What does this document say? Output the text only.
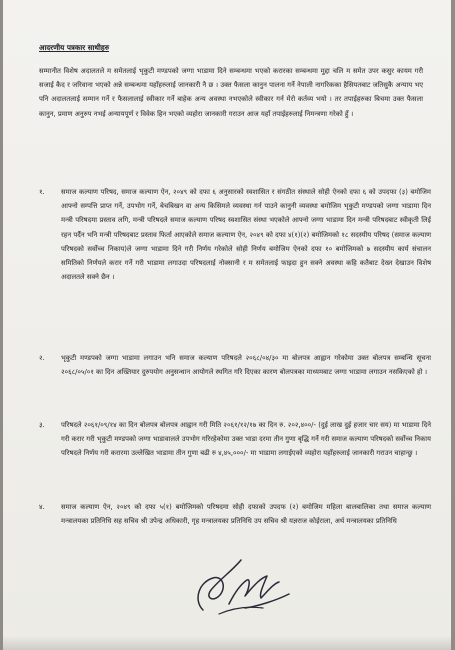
आदरणीय पत्रकार साथीहरु
सम्मानीत विशेष अदालतले म समेतलाई भृकुटी मण्डपको जग्गा भाडामा दिने सम्बन्धमा भएको करारका सम्बन्धमा मुद्दा चलि म समेत उपर कसुर कायम गरी सजाई कैद र जरिवाना भएको अन्ने सम्बन्धमा यहाँहरुलाई जानकारी नै छ । उक्त फैसला कानुन पालना गर्ने नेपाली नागरिकका हैसियतबाट जतिसुकै अन्याय भए पनि अदालतलाई सम्मान गर्ने र फैसलालाई स्वीकार गर्ने बाहेक अन्य अवस्था नभएकोले स्वीकार गर्न मेरो कर्तव्य भयो । तर तपाईहरुका बिचमा उक्त फैसला कानुन, प्रमाण अनुरुप नभई अन्यायपूर्ण र विवेक हिन भएको व्यहोरा जानकारी गराउन आज यहाँ तपाईहरुलाई निमन्त्रणा गरेको हुँ ।
१.	समाज कल्याण परिषद, समाज कल्याण ऐन, २०४९ को दफा ६ अनुसारको स्वशासित र संगठीत संस्थाले सोही ऐनको दफा ६ को उपदफा (३) बमोजिम आफ्नो सम्पत्ति प्राप्त गर्ने, उपभोग गर्ने, बेचबिखन वा अन्य किसिमले व्यवस्था गर्न पाउने कानुनी व्यवस्था बमोजिम भृकुटी मण्डपको जग्गा भाडामा दिन मन्त्री परिषदमा प्रस्ताव लगि, मन्त्री परिषदले समाज कल्याण परिषद स्वशासित संस्था भएकोले आफ्नो जग्गा भाडामा दिन मन्त्री परिषदबाट स्वीकृती लिई रहन पर्दैन भनि मन्त्री परिषदबाट प्रस्ताव फिर्ता आएकोले समाज कल्याण ऐन, २०४९ को दफा ४(१)(२) बमोजिमको १८ सदस्यीय परिषद (समाज कल्याण परिषदको सर्वोच्च निकाय)ले जग्गा भाडामा दिने गरी निर्णय गरेकोले सोही निर्णय बमोजिम ऐनको दफा १० बमोजिमको ७ सदस्यीय कार्य संचालन समितिको निर्णयले करार गर्ने गरी भाडामा लगाउदा परिषदलाई नोक्सानी र म समेतलाई फाइदा हुन सक्ने अवस्था कहि कतैबाट देख्न देखाउन विशेष अदालतले सक्ने छैन ।
२.	भृकुटी मण्डपको जग्गा भाडामा लगाउन भनि समाज कल्याण परिषदले २०६८/०४/३० मा बोलपत्र आह्वान गरेकोमा उक्त बोलपत्र सम्बन्धि सूचना २०६८/०५/०१ का दिन अख्तियार दुरुपयोग अनुसन्धान आयोगले स्थगित गरि दिएका कारण बोलपत्रका माध्यमबाट जग्गा भाडामा लगाउन नसकिएको हो ।
३.	परिषदले २०६१/०९/१४ का दिन बोलपत्र बोलपत्र आह्वान गरी मिति २०६१/१२/१७ का दिन रु. २०२,४००/- (दुई लाख दुई हजार चार सय) मा भाडामा दिने गरी करार गरी भृकुटी मण्डपको जग्गा भाडावालले उपभोग गरिरहेकोमा उक्त भाडा दरमा तीन गुणा बृद्धि गर्ने गरी समाज कल्याण परिषदको सर्वोच्च निकाय परिषदले निर्णय गरी करारमा उल्लेखित भाडामा तीन गुणा बढी रु ४,४५,०००/- मा भाडामा लगाईएको व्यहोरा यहाँहरुलाई जानकारी गराउन चाहान्छु ।
४.	समाज कल्याण ऐन, २०४९ को दफा ५(१) बमोजिमको परिषदमा सोही दफाको उपदफ (२) बमोजिम महिला बालबालिका तथा समाज कल्याण मन्त्रालयका प्रतिनिधि सह सचिव श्री उपेन्द्र अधिकारी, गृह मन्त्रालयका प्रतिनिधि उप सचिव श्री यज्ञराज कोईराला, अर्थ मन्त्रालयका प्रतिनिधि
